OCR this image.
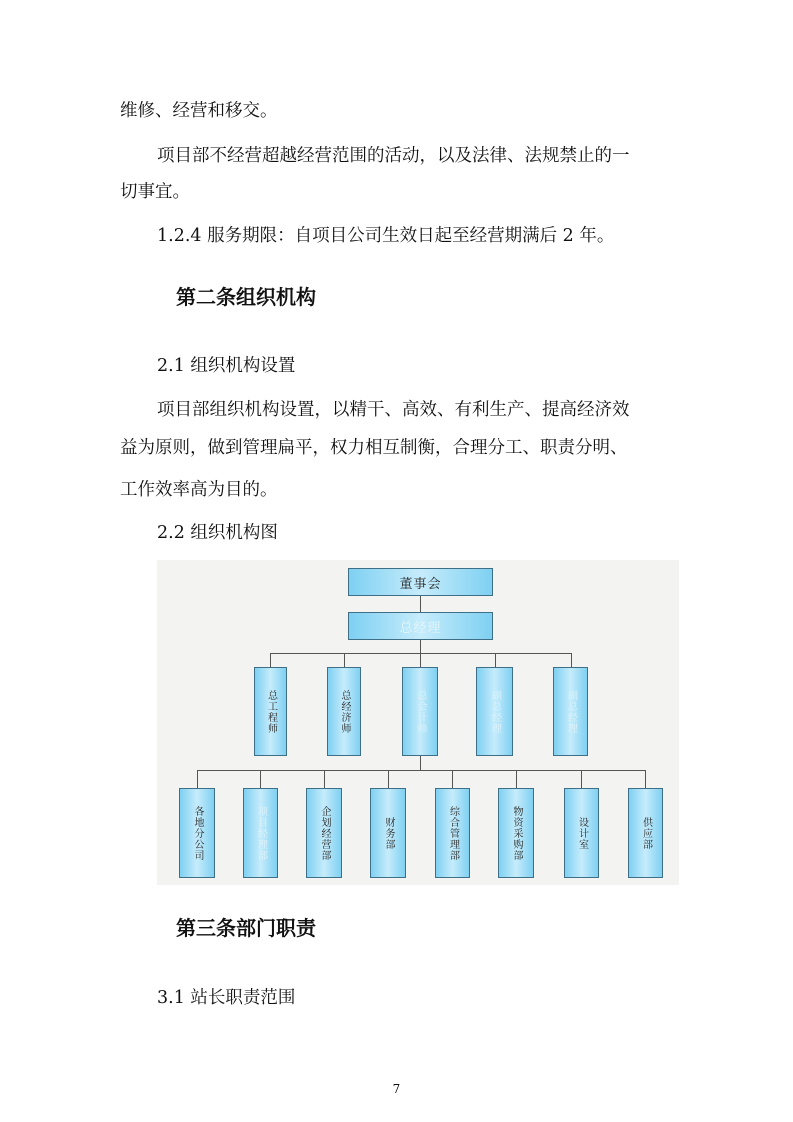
维修、经营和移交。
项目部不经营超越经营范围的活动，以及法律、法规禁止的一
切事宜。
1.2.4 服务期限：自项目公司生效日起至经营期满后 2 年。
第二条组织机构
2.1 组织机构设置
项目部组织机构设置，以精干、高效、有利生产、提高经济效
益为原则，做到管理扁平，权力相互制衡，合理分工、职责分明、
工作效率高为目的。
2.2 组织机构图
董事会
总经理
总工程师	总经济师	总会计师	副总经理	副总经理
各地分公司	项目经理部	企划经营部	财务部	综合管理部	物资采购部	设计室	供应部
第三条部门职责
3.1 站长职责范围
7
